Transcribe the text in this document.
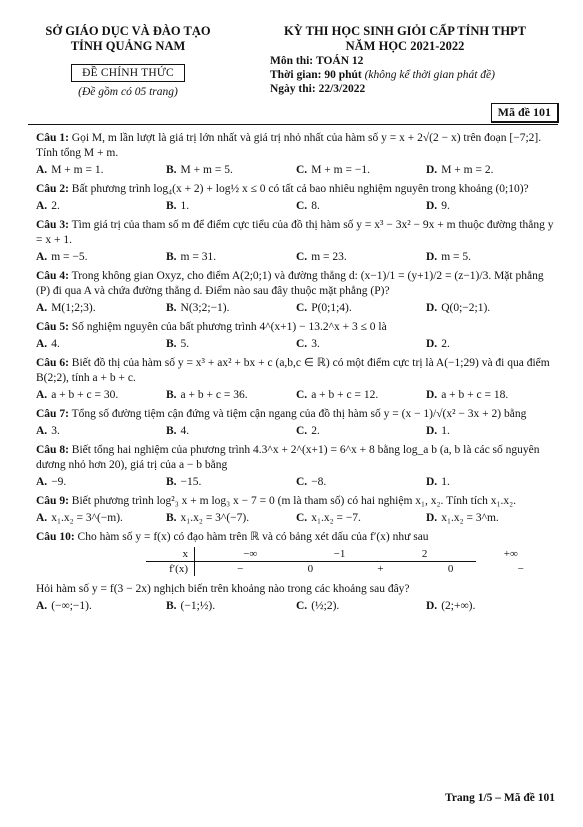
SỞ GIÁO DỤC VÀ ĐÀO TẠO
TỈNH QUẢNG NAM
ĐỀ CHÍNH THỨC
(Đề gồm có 05 trang)
KỲ THI HỌC SINH GIỎI CẤP TỈNH THPT
NĂM HỌC 2021-2022
Môn thi: TOÁN 12
Thời gian: 90 phút (không kể thời gian phát đề)
Ngày thi: 22/3/2022
Mã đề 101
Câu 1: Gọi M, m lần lượt là giá trị lớn nhất và giá trị nhỏ nhất của hàm số y = x + 2√(2 − x) trên đoạn [−7;2]. Tính tổng M + m.
A. M + m = 1.	B. M + m = 5.	C. M + m = −1.	D. M + m = 2.
Câu 2: Bất phương trình log₄(x + 2) + log½ x ≤ 0 có tất cả bao nhiêu nghiệm nguyên trong khoảng (0;10)?
A. 2.	B. 1.	C. 8.	D. 9.
Câu 3: Tìm giá trị của tham số m để điểm cực tiểu của đồ thị hàm số y = x³ − 3x² − 9x + m thuộc đường thẳng y = x + 1.
A. m = −5.	B. m = 31.	C. m = 23.	D. m = 5.
Câu 4: Trong không gian Oxyz, cho điểm A(2;0;1) và đường thẳng d: (x−1)/1 = (y+1)/2 = (z−1)/3. Mặt phẳng (P) đi qua A và chứa đường thẳng d. Điểm nào sau đây thuộc mặt phẳng (P)?
A. M(1;2;3).	B. N(3;2;−1).	C. P(0;1;4).	D. Q(0;−2;1).
Câu 5: Số nghiệm nguyên của bất phương trình 4^(x+1) − 13.2^x + 3 ≤ 0 là
A. 4.	B. 5.	C. 3.	D. 2.
Câu 6: Biết đồ thị của hàm số y = x³ + ax² + bx + c (a,b,c ∈ ℝ) có một điểm cực trị là A(−1;29) và đi qua điểm B(2;2), tính a + b + c.
A. a + b + c = 30.	B. a + b + c = 36.	C. a + b + c = 12.	D. a + b + c = 18.
Câu 7: Tổng số đường tiệm cận đứng và tiệm cận ngang của đồ thị hàm số y = (x − 1)/√(x² − 3x + 2) bằng
A. 3.	B. 4.	C. 2.	D. 1.
Câu 8: Biết tổng hai nghiệm của phương trình 4.3^x + 2^(x+1) = 6^x + 8 bằng log_a b (a, b là các số nguyên dương nhỏ hơn 20), giá trị của a − b bằng
A. −9.	B. −15.	C. −8.	D. 1.
Câu 9: Biết phương trình log²₃ x + m log₃ x − 7 = 0 (m là tham số) có hai nghiệm x₁, x₂. Tính tích x₁.x₂.
A. x₁.x₂ = 3^(−m).	B. x₁.x₂ = 3^(−7).	C. x₁.x₂ = −7.	D. x₁.x₂ = 3^m.
Câu 10: Cho hàm số y = f(x) có đạo hàm trên ℝ và có bảng xét dấu của f′(x) như sau
x	−∞	−1	2	+∞
f′(x)	−	0	+	0	−
Hỏi hàm số y = f(3 − 2x) nghịch biến trên khoảng nào trong các khoảng sau đây?
A. (−∞;−1).	B. (−1;½).	C. (½;2).	D. (2;+∞).
Trang 1/5 – Mã đề 101
